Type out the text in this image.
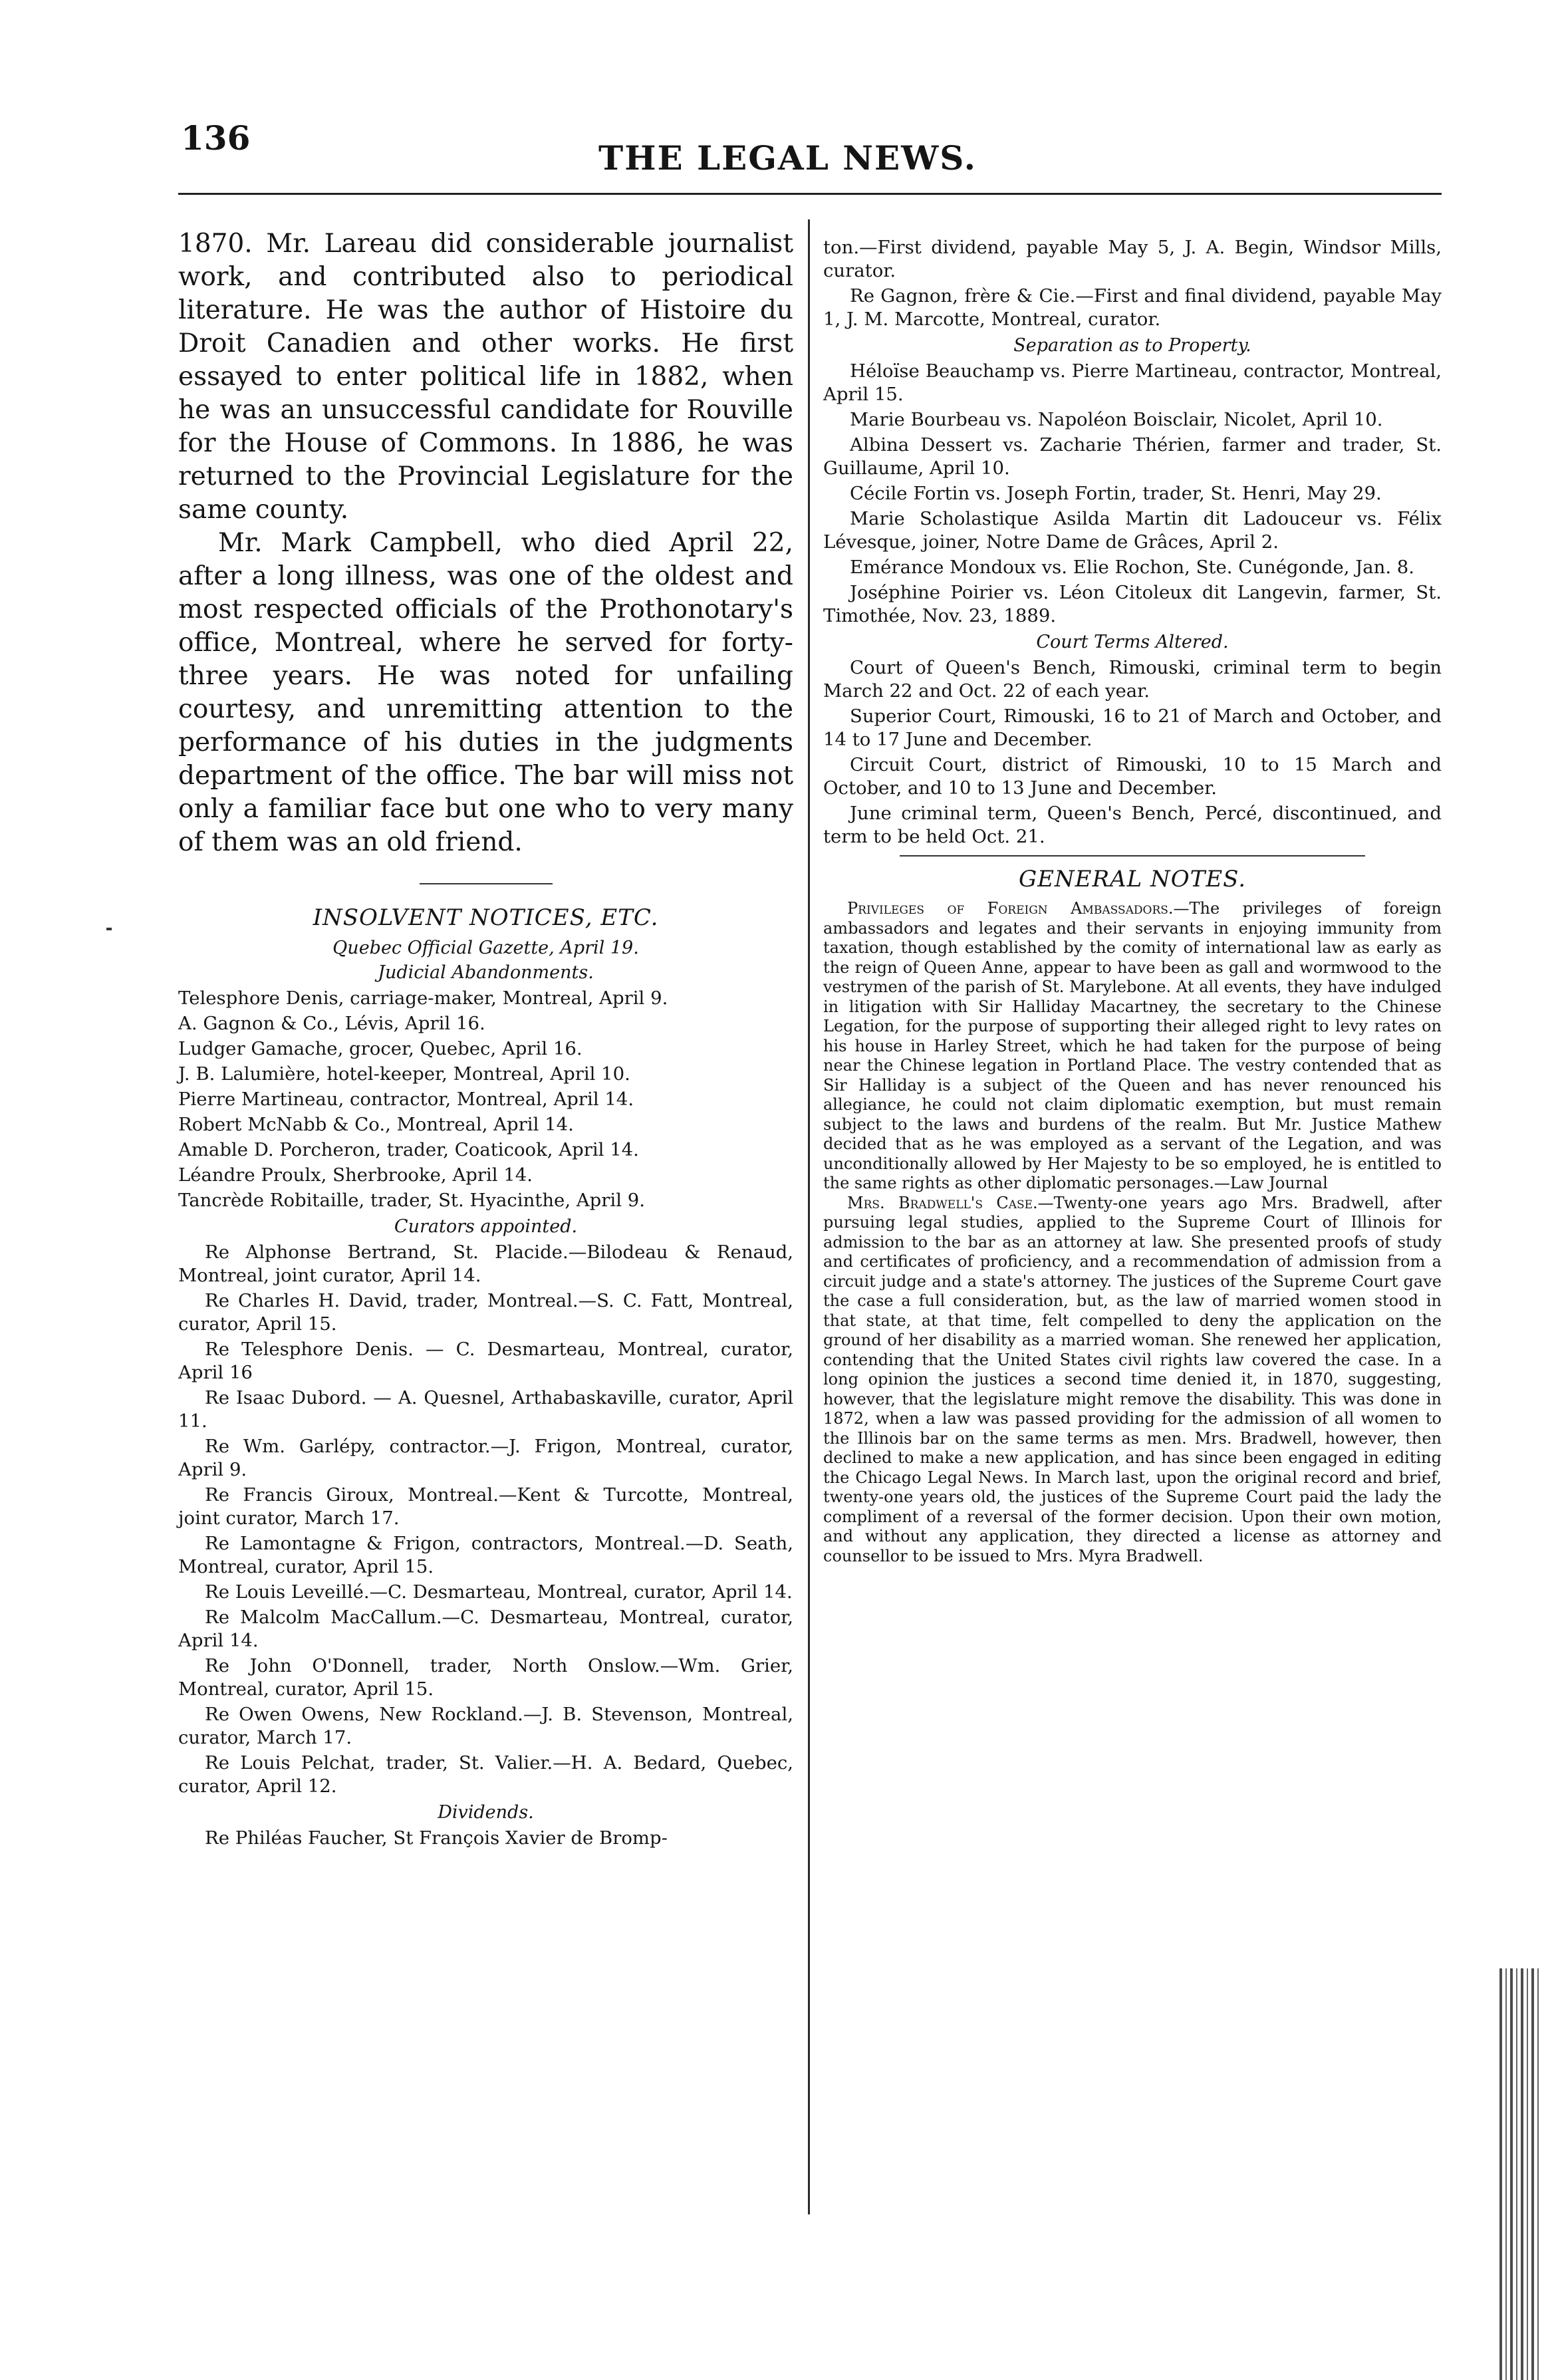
136
THE LEGAL NEWS.

1870. Mr. Lareau did considerable journalist work, and contributed also to periodical literature. He was the author of Histoire du Droit Canadien and other works. He first essayed to enter political life in 1882, when he was an unsuccessful candidate for Rouville for the House of Commons. In 1886, he was returned to the Provincial Legislature for the same county.

Mr. Mark Campbell, who died April 22, after a long illness, was one of the oldest and most respected officials of the Prothonotary's office, Montreal, where he served for forty-three years. He was noted for unfailing courtesy, and unremitting attention to the performance of his duties in the judgments department of the office. The bar will miss not only a familiar face but one who to very many of them was an old friend.

INSOLVENT NOTICES, ETC.
Quebec Official Gazette, April 19.
Judicial Abandonments.

Telesphore Denis, carriage-maker, Montreal, April 9.

A. Gagnon & Co., Lévis, April 16.

Ludger Gamache, grocer, Quebec, April 16.

J. B. Lalumière, hotel-keeper, Montreal, April 10.

Pierre Martineau, contractor, Montreal, April 14.

Robert McNabb & Co., Montreal, April 14.

Amable D. Porcheron, trader, Coaticook, April 14.

Léandre Proulx, Sherbrooke, April 14.

Tancrède Robitaille, trader, St. Hyacinthe, April 9.

Curators appointed.

Re Alphonse Bertrand, St. Placide.—Bilodeau & Renaud, Montreal, joint curator, April 14.

Re Charles H. David, trader, Montreal.—S. C. Fatt, Montreal, curator, April 15.

Re Telesphore Denis. — C. Desmarteau, Montreal, curator, April 16

Re Isaac Dubord. — A. Quesnel, Arthabaskaville, curator, April 11.

Re Wm. Garlépy, contractor.—J. Frigon, Montreal, curator, April 9.

Re Francis Giroux, Montreal.—Kent & Turcotte, Montreal, joint curator, March 17.

Re Lamontagne & Frigon, contractors, Montreal.—D. Seath, Montreal, curator, April 15.

Re Louis Leveillé.—C. Desmarteau, Montreal, curator, April 14.

Re Malcolm MacCallum.—C. Desmarteau, Montreal, curator, April 14.

Re John O'Donnell, trader, North Onslow.—Wm. Grier, Montreal, curator, April 15.

Re Owen Owens, New Rockland.—J. B. Stevenson, Montreal, curator, March 17.

Re Louis Pelchat, trader, St. Valier.—H. A. Bedard, Quebec, curator, April 12.

Dividends.

Re Philéas Faucher, St François Xavier de Bromp-

ton.—First dividend, payable May 5, J. A. Begin, Windsor Mills, curator.

Re Gagnon, frère & Cie.—First and final dividend, payable May 1, J. M. Marcotte, Montreal, curator.

Separation as to Property.

Héloïse Beauchamp vs. Pierre Martineau, contractor, Montreal, April 15.

Marie Bourbeau vs. Napoléon Boisclair, Nicolet, April 10.

Albina Dessert vs. Zacharie Thérien, farmer and trader, St. Guillaume, April 10.

Cécile Fortin vs. Joseph Fortin, trader, St. Henri, May 29.

Marie Scholastique Asilda Martin dit Ladouceur vs. Félix Lévesque, joiner, Notre Dame de Grâces, April 2.

Emérance Mondoux vs. Elie Rochon, Ste. Cunégonde, Jan. 8.

Joséphine Poirier vs. Léon Citoleux dit Langevin, farmer, St. Timothée, Nov. 23, 1889.

Court Terms Altered.

Court of Queen's Bench, Rimouski, criminal term to begin March 22 and Oct. 22 of each year.

Superior Court, Rimouski, 16 to 21 of March and October, and 14 to 17 June and December.

Circuit Court, district of Rimouski, 10 to 15 March and October, and 10 to 13 June and December.

June criminal term, Queen's Bench, Percé, discontinued, and term to be held Oct. 21.

GENERAL NOTES.

Privileges of Foreign Ambassadors.—The privileges of foreign ambassadors and legates and their servants in enjoying immunity from taxation, though established by the comity of international law as early as the reign of Queen Anne, appear to have been as gall and wormwood to the vestrymen of the parish of St. Marylebone. At all events, they have indulged in litigation with Sir Halliday Macartney, the secretary to the Chinese Legation, for the purpose of supporting their alleged right to levy rates on his house in Harley Street, which he had taken for the purpose of being near the Chinese legation in Portland Place. The vestry contended that as Sir Halliday is a subject of the Queen and has never renounced his allegiance, he could not claim diplomatic exemption, but must remain subject to the laws and burdens of the realm. But Mr. Justice Mathew decided that as he was employed as a servant of the Legation, and was unconditionally allowed by Her Majesty to be so employed, he is entitled to the same rights as other diplomatic personages.—Law Journal

Mrs. Bradwell's Case.—Twenty-one years ago Mrs. Bradwell, after pursuing legal studies, applied to the Supreme Court of Illinois for admission to the bar as an attorney at law. She presented proofs of study and certificates of proficiency, and a recommendation of admission from a circuit judge and a state's attorney. The justices of the Supreme Court gave the case a full consideration, but, as the law of married women stood in that state, at that time, felt compelled to deny the application on the ground of her disability as a married woman. She renewed her application, contending that the United States civil rights law covered the case. In a long opinion the justices a second time denied it, in 1870, suggesting, however, that the legislature might remove the disability. This was done in 1872, when a law was passed providing for the admission of all women to the Illinois bar on the same terms as men. Mrs. Bradwell, however, then declined to make a new application, and has since been engaged in editing the Chicago Legal News. In March last, upon the original record and brief, twenty-one years old, the justices of the Supreme Court paid the lady the compliment of a reversal of the former decision. Upon their own motion, and without any application, they directed a license as attorney and counsellor to be issued to Mrs. Myra Bradwell.
